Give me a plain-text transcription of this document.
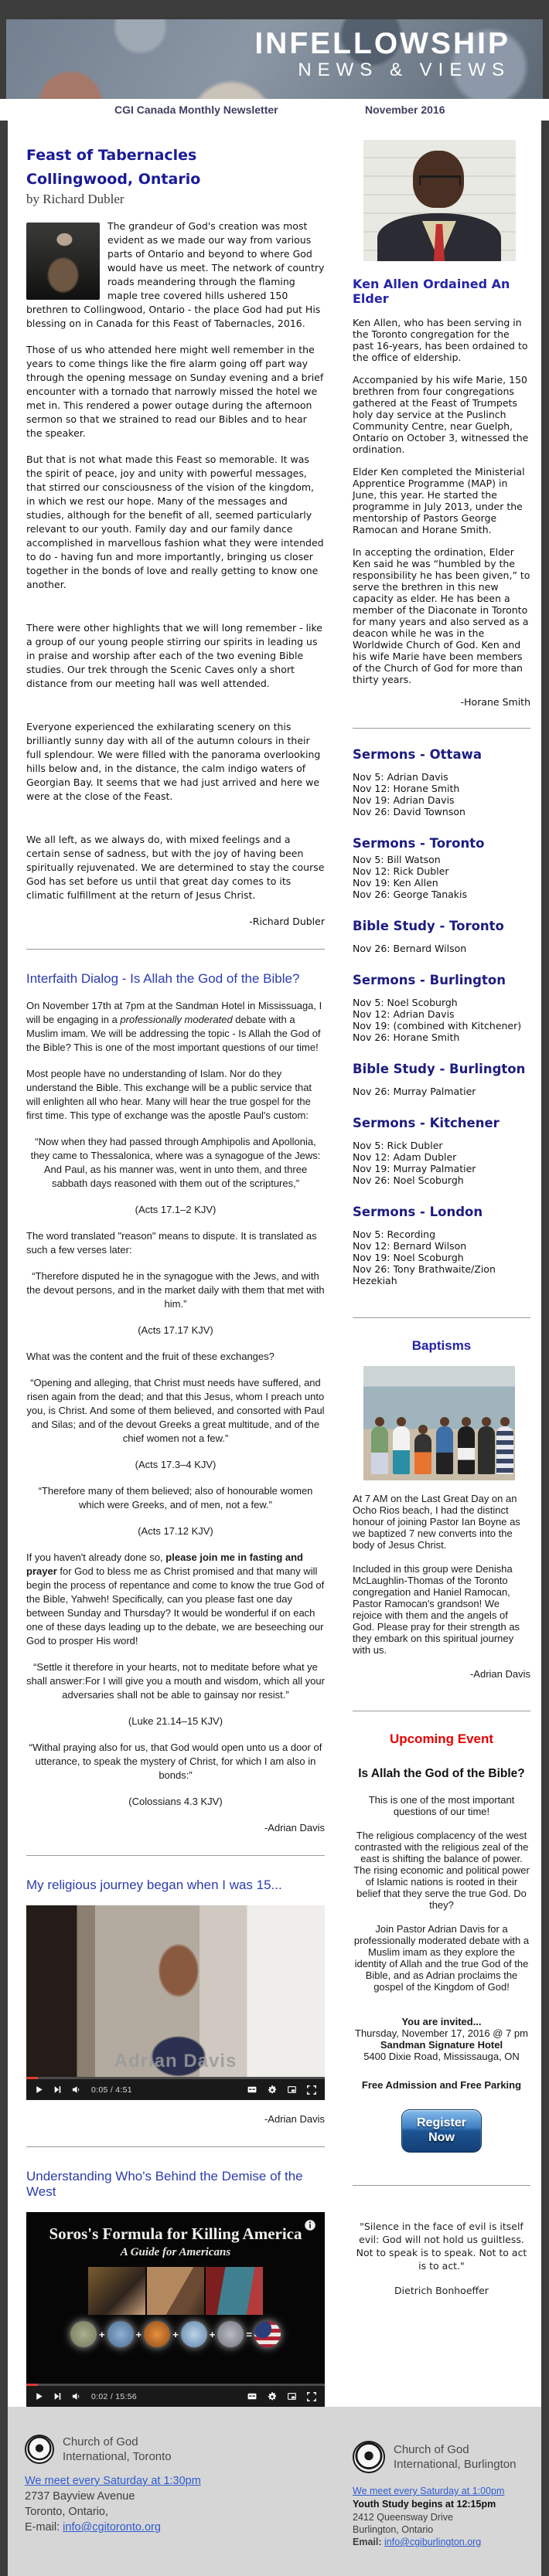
INFELLOWSHIP
NEWS & VIEWS
CGI Canada Monthly Newsletter	November 2016
Feast of Tabernacles
Collingwood, Ontario
by Richard Dubler

The grandeur of God's creation was most evident as we made our way from various parts of Ontario and beyond to where God would have us meet. The network of country roads meandering through the flaming maple tree covered hills ushered 150 brethren to Collingwood, Ontario - the place God had put His blessing on in Canada for this Feast of Tabernacles, 2016.

Those of us who attended here might well remember in the years to come things like the fire alarm going off part way through the opening message on Sunday evening and a brief encounter with a tornado that narrowly missed the hotel we met in. This rendered a power outage during the afternoon sermon so that we strained to read our Bibles and to hear the speaker.

But that is not what made this Feast so memorable. It was the spirit of peace, joy and unity with powerful messages, that stirred our consciousness of the vision of the kingdom, in which we rest our hope. Many of the messages and studies, although for the benefit of all, seemed particularly relevant to our youth. Family day and our family dance accomplished in marvellous fashion what they were intended to do - having fun and more importantly, bringing us closer together in the bonds of love and really getting to know one another.

There were other highlights that we will long remember - like a group of our young people stirring our spirits in leading us in praise and worship after each of the two evening Bible studies. Our trek through the Scenic Caves only a short distance from our meeting hall was well attended.

Everyone experienced the exhilarating scenery on this brilliantly sunny day with all of the autumn colours in their full splendour. We were filled with the panorama overlooking hills below and, in the distance, the calm indigo waters of Georgian Bay. It seems that we had just arrived and here we were at the close of the Feast.

We all left, as we always do, with mixed feelings and a certain sense of sadness, but with the joy of having been spiritually rejuvenated. We are determined to stay the course God has set before us until that great day comes to its climatic fulfillment at the return of Jesus Christ.

-Richard Dubler

Interfaith Dialog - Is Allah the God of the Bible?

On November 17th at 7pm at the Sandman Hotel in Mississuaga, I will be engaging in a professionally moderated debate with a Muslim imam. We will be addressing the topic - Is Allah the God of the Bible? This is one of the most important questions of our time!

Most people have no understanding of Islam. Nor do they understand the Bible. This exchange will be a public service that will enlighten all who hear. Many will hear the true gospel for the first time. This type of exchange was the apostle Paul's custom:

“Now when they had passed through Amphipolis and Apollonia, they came to Thessalonica, where was a synagogue of the Jews: And Paul, as his manner was, went in unto them, and three sabbath days reasoned with them out of the scriptures,”

(Acts 17.1–2 KJV)

The word translated "reason" means to dispute. It is translated as such a few verses later:

“Therefore disputed he in the synagogue with the Jews, and with the devout persons, and in the market daily with them that met with him.”

(Acts 17.17 KJV)

What was the content and the fruit of these exchanges?

“Opening and alleging, that Christ must needs have suffered, and risen again from the dead; and that this Jesus, whom I preach unto you, is Christ. And some of them believed, and consorted with Paul and Silas; and of the devout Greeks a great multitude, and of the chief women not a few.”

(Acts 17.3–4 KJV)

“Therefore many of them believed; also of honourable women which were Greeks, and of men, not a few.”

(Acts 17.12 KJV)

If you haven't already done so, please join me in fasting and prayer for God to bless me as Christ promised and that many will begin the process of repentance and come to know the true God of the Bible, Yahweh! Specifically, can you please fast one day between Sunday and Thursday? It would be wonderful if on each one of these days leading up to the debate, we are beseeching our God to prosper His word!

“Settle it therefore in your hearts, not to meditate before what ye shall answer:For I will give you a mouth and wisdom, which all your adversaries shall not be able to gainsay nor resist.”

(Luke 21.14–15 KJV)

“Withal praying also for us, that God would open unto us a door of utterance, to speak the mystery of Christ, for which I am also in bonds:”

(Colossians 4.3 KJV)

-Adrian Davis

My religious journey began when I was 15...
Adrian Davis
0:05 / 4:51

-Adrian Davis

Understanding Who's Behind the Demise of the West
Soros's Formula for Killing America
A Guide for Americans
+	+	+	+	=
0:02 / 15:56
Ken Allen Ordained An Elder

Ken Allen, who has been serving in the Toronto congregation for the past 16-years, has been ordained to the office of eldership.

Accompanied by his wife Marie, 150 brethren from four congregations gathered at the Feast of Trumpets holy day service at the Puslinch Community Centre, near Guelph, Ontario on October 3, witnessed the ordination.

Elder Ken completed the Ministerial Apprentice Programme (MAP) in June, this year. He started the programme in July 2013, under the mentorship of Pastors George Ramocan and Horane Smith.

In accepting the ordination, Elder Ken said he was “humbled by the responsibility he has been given,” to serve the brethren in this new capacity as elder. He has been a member of the Diaconate in Toronto for many years and also served as a deacon while he was in the Worldwide Church of God. Ken and his wife Marie have been members of the Church of God for more than thirty years.

-Horane Smith

Sermons - Ottawa
Nov 5: Adrian Davis
Nov 12: Horane Smith
Nov 19: Adrian Davis
Nov 26: David Townson
Sermons - Toronto
Nov 5: Bill Watson
Nov 12: Rick Dubler
Nov 19: Ken Allen
Nov 26: George Tanakis
Bible Study - Toronto
Nov 26: Bernard Wilson
Sermons - Burlington
Nov 5: Noel Scoburgh
Nov 12: Adrian Davis
Nov 19: (combined with Kitchener)
Nov 26: Horane Smith
Bible Study - Burlington
Nov 26: Murray Palmatier
Sermons - Kitchener
Nov 5: Rick Dubler
Nov 12: Adam Dubler
Nov 19: Murray Palmatier
Nov 26: Noel Scoburgh
Sermons - London
Nov 5: Recording
Nov 12: Bernard Wilson
Nov 19: Noel Scoburgh
Nov 26: Tony Brathwaite/Zion Hezekiah
Baptisms

At 7 AM on the Last Great Day on an Ocho Rios beach, I had the distinct honour of joining Pastor Ian Boyne as we baptized 7 new converts into the body of Jesus Christ.

Included in this group were Denisha McLaughlin-Thomas of the Toronto congregation and Haniel Ramocan, Pastor Ramocan's grandson! We rejoice with them and the angels of God. Please pray for their strength as they embark on this spiritual journey with us.

-Adrian Davis

Upcoming Event
Is Allah the God of the Bible?

This is one of the most important questions of our time!

The religious complacency of the west contrasted with the religious zeal of the east is shifting the balance of power. The rising economic and political power of Islamic nations is rooted in their belief that they serve the true God. Do they?

Join Pastor Adrian Davis for a professionally moderated debate with a Muslim imam as they explore the identity of Allah and the true God of the Bible, and as Adrian proclaims the gospel of the Kingdom of God!

You are invited...
Thursday, November 17, 2016 @ 7 pm
Sandman Signature Hotel
5400 Dixie Road, Mississauga, ON

Free Admission and Free Parking

Register Now

"Silence in the face of evil is itself evil: God will not hold us guiltless. Not to speak is to speak. Not to act is to act."

Dietrich Bonhoeffer

Church of God
International, Toronto
We meet every Saturday at 1:30pm
2737 Bayview Avenue
Toronto, Ontario,
E-mail: info@cgitoronto.org
Church of God
International, Burlington
We meet every Saturday at 1:00pm
Youth Study begins at 12:15pm
2412 Queensway Drive
Burlington, Ontario
Email: info@cgiburlington.org
